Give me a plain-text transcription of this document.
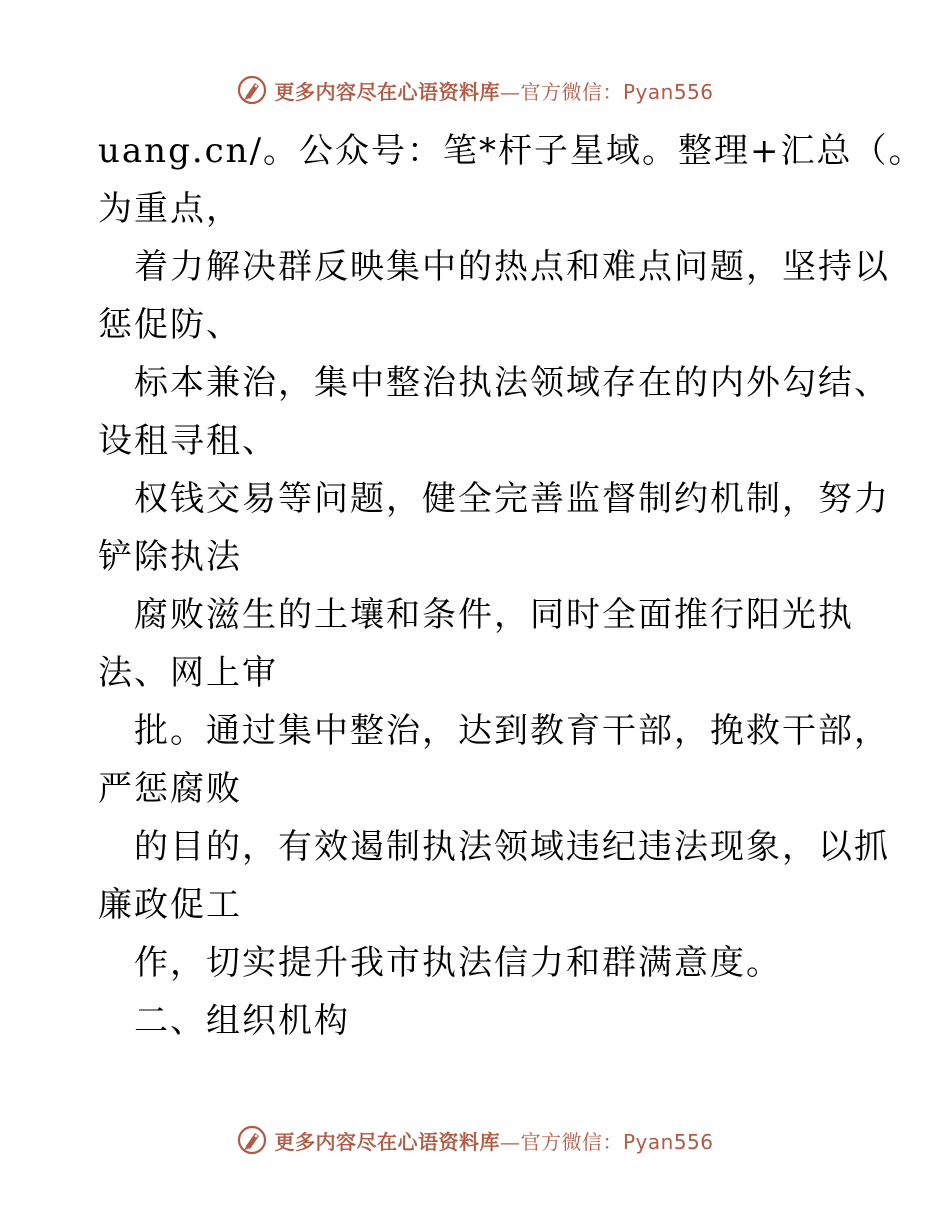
更多内容尽在心语资料库—官方微信：Pyan556
uang.cn/。公众号：笔*杆子星域。整理+汇总（。
为重点，
着力解决群反映集中的热点和难点问题，坚持以
惩促防、
标本兼治，集中整治执法领域存在的内外勾结、
设租寻租、
权钱交易等问题，健全完善监督制约机制，努力
铲除执法
腐败滋生的土壤和条件，同时全面推行阳光执
法、网上审
批。通过集中整治，达到教育干部，挽救干部，
严惩腐败
的目的，有效遏制执法领域违纪违法现象，以抓
廉政促工
作，切实提升我市执法信力和群满意度。
二、组织机构
更多内容尽在心语资料库—官方微信：Pyan556
